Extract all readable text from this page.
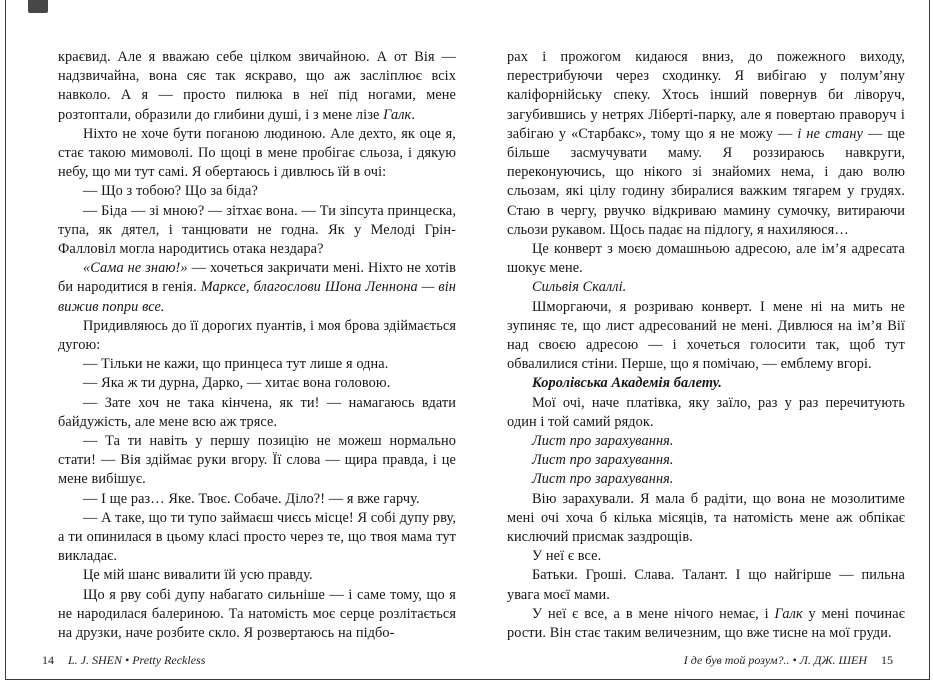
краєвид. Але я вважаю себе цілком звичайною. А от Вія — надзвичайна, вона сяє так яскраво, що аж засліплює всіх навколо. А я — просто пилюка в неї під ногами, мене розтоптали, образили до глибини душі, і з мене лізе Галк.

Ніхто не хоче бути поганою людиною. Але дехто, як оце я, стає такою мимоволі. По щоці в мене пробігає сльоза, і дякую небу, що ми тут самі. Я обертаюсь і дивлюсь їй в очі:

— Що з тобою? Що за біда?

— Біда — зі мною? — зітхає вона. — Ти зіпсута принцеска, тупа, як дятел, і танцювати не годна. Як у Мелоді Грін-Фалловіл могла народитись отака нездара?

«Сама не знаю!» — хочеться закричати мені. Ніхто не хотів би народитися в генія. Марксе, благослови Шона Леннона — він вижив попри все.

Придивляюсь до її дорогих пуантів, і моя брова здіймається дугою:

— Тільки не кажи, що принцеса тут лише я одна.

— Яка ж ти дурна, Дарко, — хитає вона головою.

— Зате хоч не така кінчена, як ти! — намагаюсь вдати байдужість, але мене всю аж трясе.

— Та ти навіть у першу позицію не можеш нормально стати! — Вія здіймає руки вгору. Її слова — щира правда, і це мене вибішує.

— І ще раз… Яке. Твоє. Собаче. Діло?! — я вже гарчу.

— А таке, що ти тупо займаєш чиєсь місце! Я собі дупу рву, а ти опинилася в цьому класі просто через те, що твоя мама тут викладає.

Це мій шанс вивалити їй усю правду.

Що я рву собі дупу набагато сильніше — і саме тому, що я не народилася балериною. Та натомість моє серце розлітається на друзки, наче розбите скло. Я розвертаюсь на підбо-

рах і прожогом кидаюся вниз, до пожежного виходу, перестрибуючи через сходинку. Я вибігаю у полум’яну каліфорнійську спеку. Хтось інший повернув би ліворуч, загубившись у нетрях Ліберті-парку, але я повертаю праворуч і забігаю у «Старбакс», тому що я не можу — і не стану — ще більше засмучувати маму. Я роззираюсь навкруги, переконуючись, що нікого зі знайомих нема, і даю волю сльозам, які цілу годину збиралися важким тягарем у грудях. Стаю в чергу, рвучко відкриваю мамину сумочку, витираючи сльози рукавом. Щось падає на підлогу, я нахиляюся…

Це конверт з моєю домашньою адресою, але ім’я адресата шокує мене.

Сильвія Скаллі.

Шморгаючи, я розриваю конверт. І мене ні на мить не зупиняє те, що лист адресований не мені. Дивлюся на ім’я Вії над своєю адресою — і хочеться голосити так, щоб тут обвалилися стіни. Перше, що я помічаю, — емблему вгорі.

Королівська Академія балету.

Мої очі, наче платівка, яку заїло, раз у раз перечитують один і той самий рядок.

Лист про зарахування.

Лист про зарахування.

Лист про зарахування.

Вію зарахували. Я мала б радіти, що вона не мозолитиме мені очі хоча б кілька місяців, та натомість мене аж обпікає кислючий присмак заздрощів.

У неї є все.

Батьки. Гроші. Слава. Талант. І що найгірше — пильна увага моєї мами.

У неї є все, а в мене нічого немає, і Галк у мені починає рости. Він стає таким величезним, що вже тисне на мої груди.

14 L. J. SHEN • Pretty Reckless	І де був той розум?.. • Л. ДЖ. ШЕН 15
